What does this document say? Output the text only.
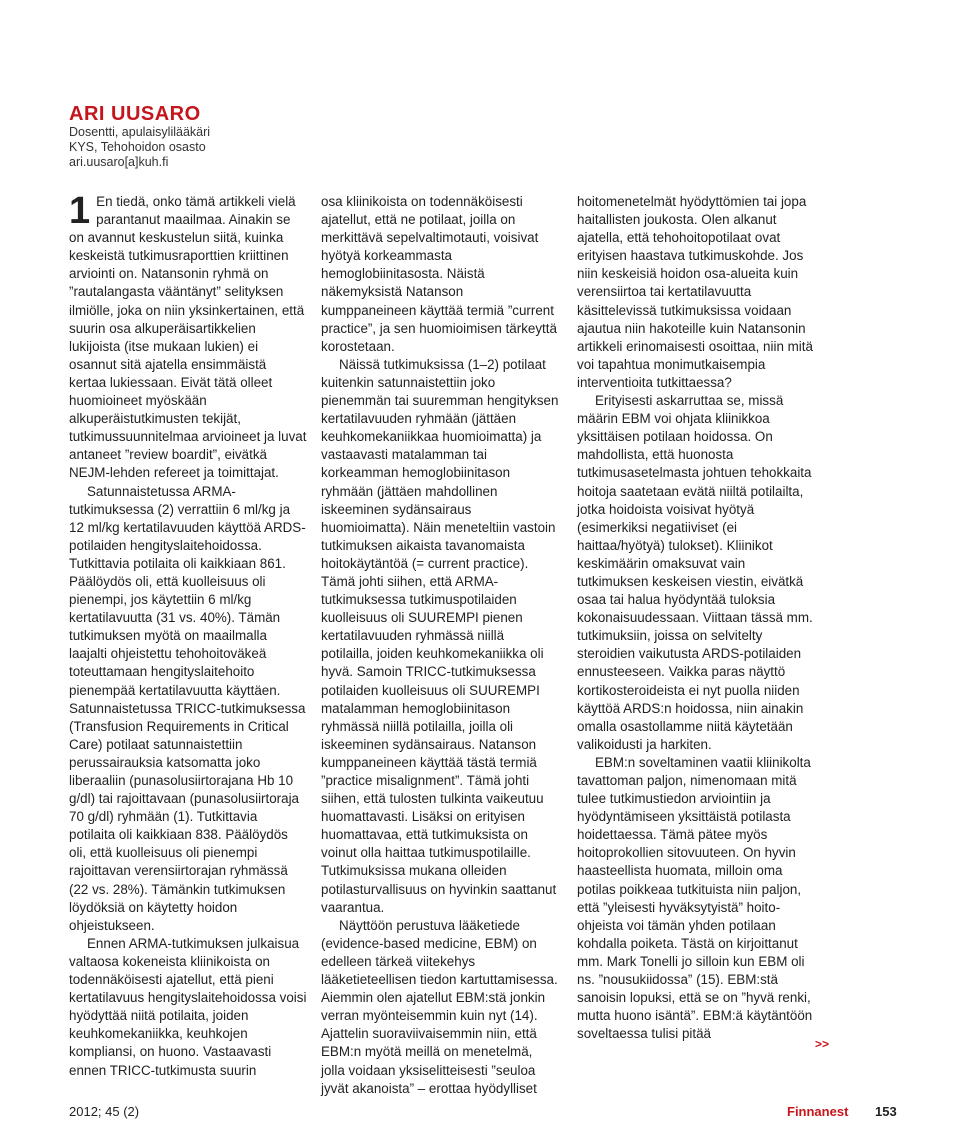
ARI UUSARO
Dosentti, apulaisylilääkäri
KYS, Tehohoidon osasto
ari.uusaro[a]kuh.fi

1 En tiedä, onko tämä artikkeli vielä parantanut maailmaa. Ainakin se on avannut keskustelun siitä, kuinka keskeistä tutkimusraporttien kriittinen arviointi on. Natansonin ryhmä on ”rautalangasta vääntänyt” selityksen ilmiölle, joka on niin yksinkertainen, että suurin osa alkuperäisartikkelien lukijoista (itse mukaan lukien) ei osannut sitä ajatella ensimmäistä kertaa lukiessaan. Eivät tätä olleet huomioineet myöskään alkuperäistutkimusten tekijät, tutkimussuunnitelmaa arvioineet ja luvat antaneet ”review boardit”, eivätkä NEJM-lehden refereet ja toimittajat.

Satunnaistetussa ARMA-tutkimuksessa (2) verrattiin 6 ml/kg ja 12 ml/kg kertatilavuuden käyttöä ARDS-potilaiden hengityslaitehoidossa. Tutkittavia potilaita oli kaikkiaan 861. Päälöydös oli, että kuolleisuus oli pienempi, jos käytettiin 6 ml/kg kertatilavuutta (31 vs. 40%). Tämän tutkimuksen myötä on maailmalla laajalti ohjeistettu tehohoitoväkeä toteuttamaan hengityslaitehoito pienempää kertatilavuutta käyttäen. Satunnaistetussa TRICC-tutkimuksessa (Transfusion Requirements in Critical Care) potilaat satunnaistettiin perussairauksia katsomatta joko liberaaliin (punasolusiirtorajana Hb 10 g/dl) tai rajoittavaan (punasolusiirtoraja 70 g/dl) ryhmään (1). Tutkittavia potilaita oli kaikkiaan 838. Päälöydös oli, että kuolleisuus oli pienempi rajoittavan verensiirtorajan ryhmässä (22 vs. 28%). Tämänkin tutkimuksen löydöksiä on käytetty hoidon ohjeistukseen.

Ennen ARMA-tutkimuksen julkaisua valtaosa kokeneista kliinikoista on todennäköisesti ajatellut, että pieni kertatilavuus hengityslaitehoidossa voisi hyödyttää niitä potilaita, joiden keuhkomekaniikka, keuhkojen kompliansi, on huono. Vastaavasti ennen TRICC-tutkimusta suurin

osa kliinikoista on todennäköisesti ajatellut, että ne potilaat, joilla on merkittävä sepelvaltimotauti, voisivat hyötyä korkeammasta hemoglobiinitasosta. Näistä näkemyksistä Natanson kumppaneineen käyttää termiä ”current practice”, ja sen huomioimisen tärkeyttä korostetaan.

Näissä tutkimuksissa (1–2) potilaat kuitenkin satunnaistettiin joko pienemmän tai suuremman hengityksen kertatilavuuden ryhmään (jättäen keuhkomekaniikkaa huomioimatta) ja vastaavasti matalamman tai korkeamman hemoglobiinitason ryhmään (jättäen mahdollinen iskeeminen sydänsairaus huomioimatta). Näin meneteltiin vastoin tutkimuksen aikaista tavanomaista hoitokäytäntöä (= current practice). Tämä johti siihen, että ARMA-tutkimuksessa tutkimuspotilaiden kuolleisuus oli SUUREMPI pienen kertatilavuuden ryhmässä niillä potilailla, joiden keuhkomekaniikka oli hyvä. Samoin TRICC-tutkimuksessa potilaiden kuolleisuus oli SUUREMPI matalamman hemoglobiinitason ryhmässä niillä potilailla, joilla oli iskeeminen sydänsairaus. Natanson kumppaneineen käyttää tästä termiä ”practice misalignment”. Tämä johti siihen, että tulosten tulkinta vaikeutuu huomattavasti. Lisäksi on erityisen huomattavaa, että tutkimuksista on voinut olla haittaa tutkimuspotilaille. Tutkimuksissa mukana olleiden potilasturvallisuus on hyvinkin saattanut vaarantua.

Näyttöön perustuva lääketiede (evidence-based medicine, EBM) on edelleen tärkeä viitekehys lääketieteellisen tiedon kartuttamisessa. Aiemmin olen ajatellut EBM:stä jonkin verran myönteisemmin kuin nyt (14). Ajattelin suoraviivaisemmin niin, että EBM:n myötä meillä on menetelmä, jolla voidaan yksiselitteisesti ”seuloa jyvät akanoista” – erottaa hyödylliset

hoitomenetelmät hyödyttömien tai jopa haitallisten joukosta. Olen alkanut ajatella, että tehohoitopotilaat ovat erityisen haastava tutkimuskohde. Jos niin keskeisiä hoidon osa-alueita kuin verensiirtoa tai kertatilavuutta käsittelevissä tutkimuksissa voidaan ajautua niin hakoteille kuin Natansonin artikkeli erinomaisesti osoittaa, niin mitä voi tapahtua monimutkaisempia interventioita tutkittaessa?

Erityisesti askarruttaa se, missä määrin EBM voi ohjata kliinikkoa yksittäisen potilaan hoidossa. On mahdollista, että huonosta tutkimusasetelmasta johtuen tehokkaita hoitoja saatetaan evätä niiltä potilailta, jotka hoidoista voisivat hyötyä (esimerkiksi negatiiviset (ei haittaa/hyötyä) tulokset). Kliinikot keskimäärin omaksuvat vain tutkimuksen keskeisen viestin, eivätkä osaa tai halua hyödyntää tuloksia kokonaisuudessaan. Viittaan tässä mm. tutkimuksiin, joissa on selvitelty steroidien vaikutusta ARDS-potilaiden ennusteeseen. Vaikka paras näyttö kortikosteroideista ei nyt puolla niiden käyttöä ARDS:n hoidossa, niin ainakin omalla osastollamme niitä käytetään valikoidusti ja harkiten.

EBM:n soveltaminen vaatii kliinikolta tavattoman paljon, nimenomaan mitä tulee tutkimustiedon arviointiin ja hyödyntämiseen yksittäistä potilasta hoidettaessa. Tämä pätee myös hoitoprokollien sitovuuteen. On hyvin haasteellista huomata, milloin oma potilas poikkeaa tutkituista niin paljon, että ”yleisesti hyväksytyistä” hoito-ohjeista voi tämän yhden potilaan kohdalla poiketa. Tästä on kirjoittanut mm. Mark Tonelli jo silloin kun EBM oli ns. ”nousukiidossa” (15). EBM:stä sanoisin lopuksi, että se on ”hyvä renki, mutta huono isäntä”. EBM:ä käytäntöön soveltaessa tulisi pitää

>>
2012; 45 (2)	Finnanest 153
